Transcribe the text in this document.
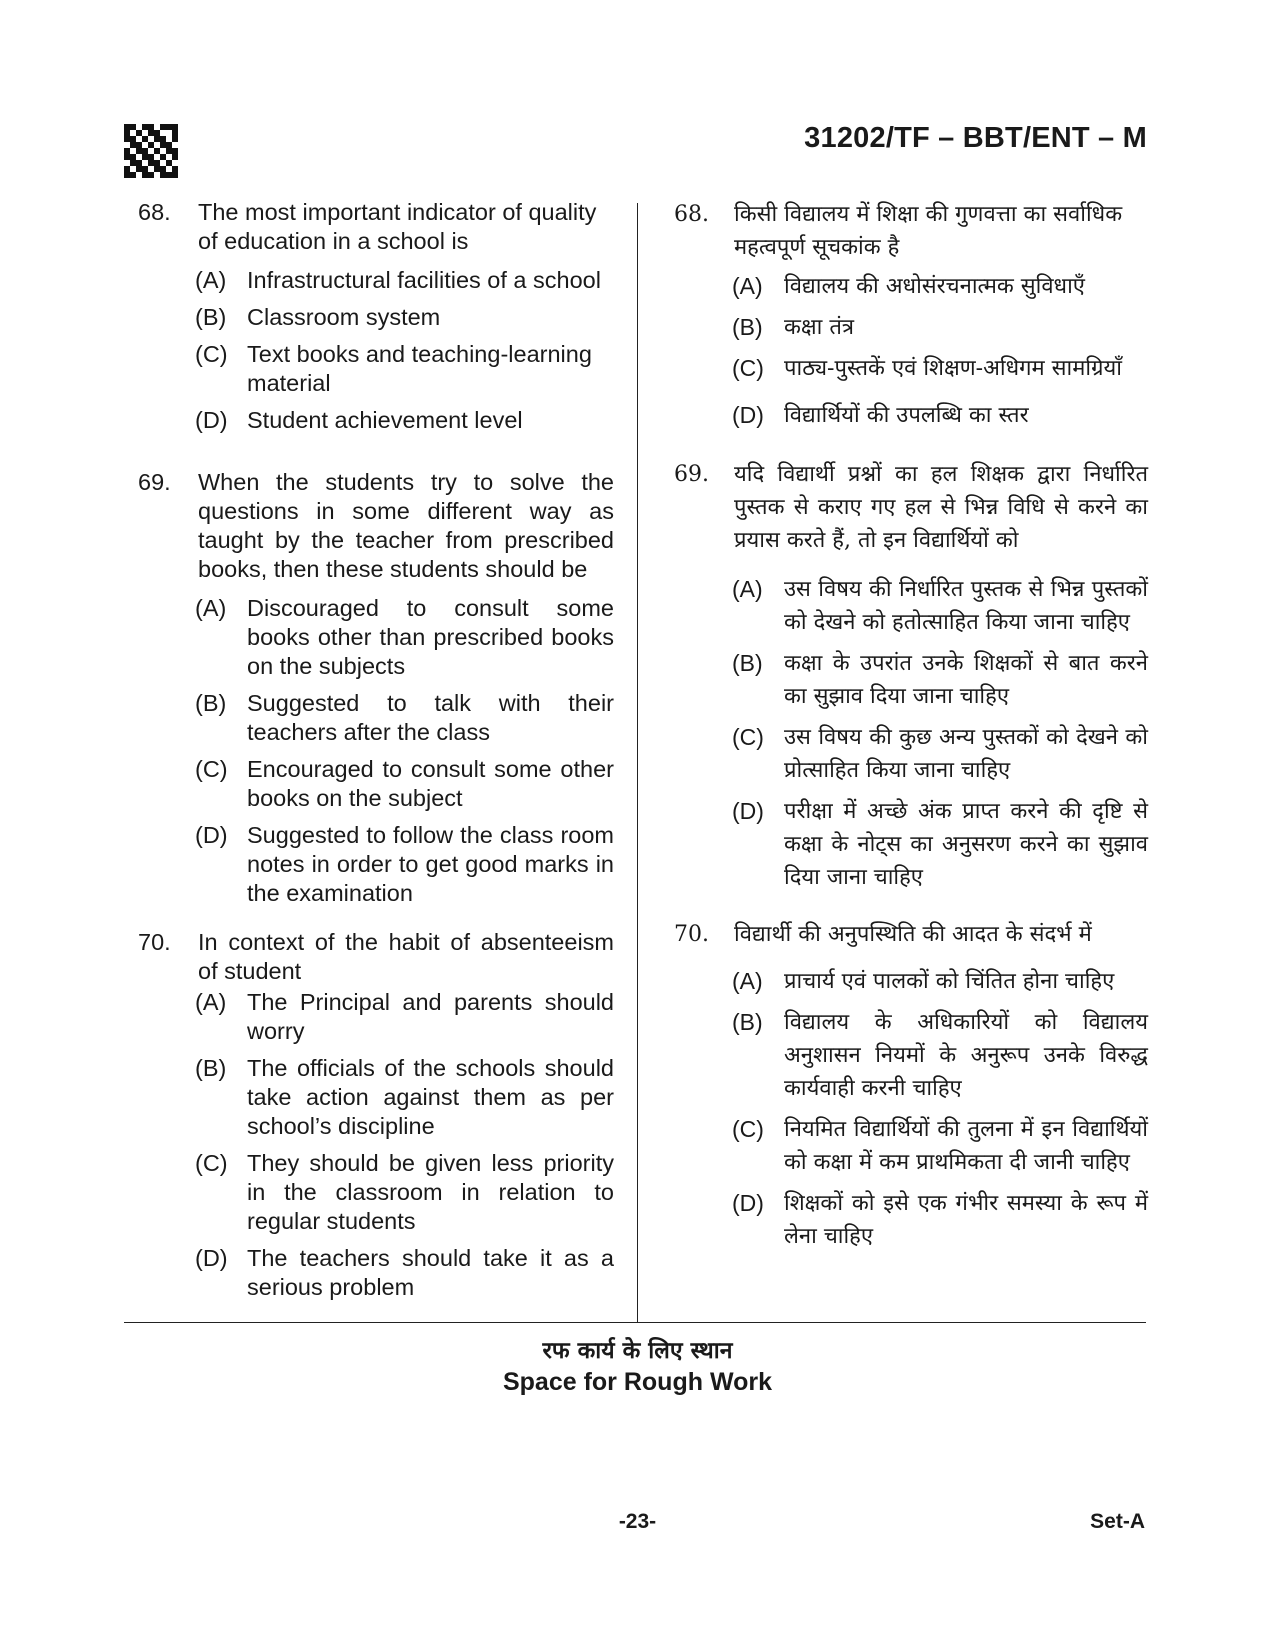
31202/TF – BBT/ENT – M
68.	The most important indicator of quality of education in a school is
(A) Infrastructural facilities of a school
(B) Classroom system
(C) Text books and teaching-learning material
(D) Student achievement level
69.	When the students try to solve the questions in some different way as taught by the teacher from prescribed books, then these students should be
(A) Discouraged to consult some books other than prescribed books on the subjects
(B) Suggested to talk with their teachers after the class
(C) Encouraged to consult some other books on the subject
(D) Suggested to follow the class room notes in order to get good marks in the examination
70.	In context of the habit of absenteeism of student
(A) The Principal and parents should worry
(B) The officials of the schools should take action against them as per school’s discipline
(C) They should be given less priority in the classroom in relation to regular students
(D) The teachers should take it as a serious problem
68.	किसी विद्यालय में शिक्षा की गुणवत्ता का सर्वाधिक महत्वपूर्ण सूचकांक है
(A) विद्यालय की अधोसंरचनात्मक सुविधाएँ
(B) कक्षा तंत्र
(C) पाठ्य-पुस्तकें एवं शिक्षण-अधिगम सामग्रियाँ
(D) विद्यार्थियों की उपलब्धि का स्तर
69.	यदि विद्यार्थी प्रश्नों का हल शिक्षक द्वारा निर्धारित पुस्तक से कराए गए हल से भिन्न विधि से करने का प्रयास करते हैं, तो इन विद्यार्थियों को
(A) उस विषय की निर्धारित पुस्तक से भिन्न पुस्तकों को देखने को हतोत्साहित किया जाना चाहिए
(B) कक्षा के उपरांत उनके शिक्षकों से बात करने का सुझाव दिया जाना चाहिए
(C) उस विषय की कुछ अन्य पुस्तकों को देखने को प्रोत्साहित किया जाना चाहिए
(D) परीक्षा में अच्छे अंक प्राप्त करने की दृष्टि से कक्षा के नोट्स का अनुसरण करने का सुझाव दिया जाना चाहिए
70.	विद्यार्थी की अनुपस्थिति की आदत के संदर्भ में
(A) प्राचार्य एवं पालकों को चिंतित होना चाहिए
(B) विद्यालय के अधिकारियों को विद्यालय अनुशासन नियमों के अनुरूप उनके विरुद्ध कार्यवाही करनी चाहिए
(C) नियमित विद्यार्थियों की तुलना में इन विद्यार्थियों को कक्षा में कम प्राथमिकता दी जानी चाहिए
(D) शिक्षकों को इसे एक गंभीर समस्या के रूप में लेना चाहिए
रफ कार्य के लिए स्थान
Space for Rough Work
-23-	Set-A
